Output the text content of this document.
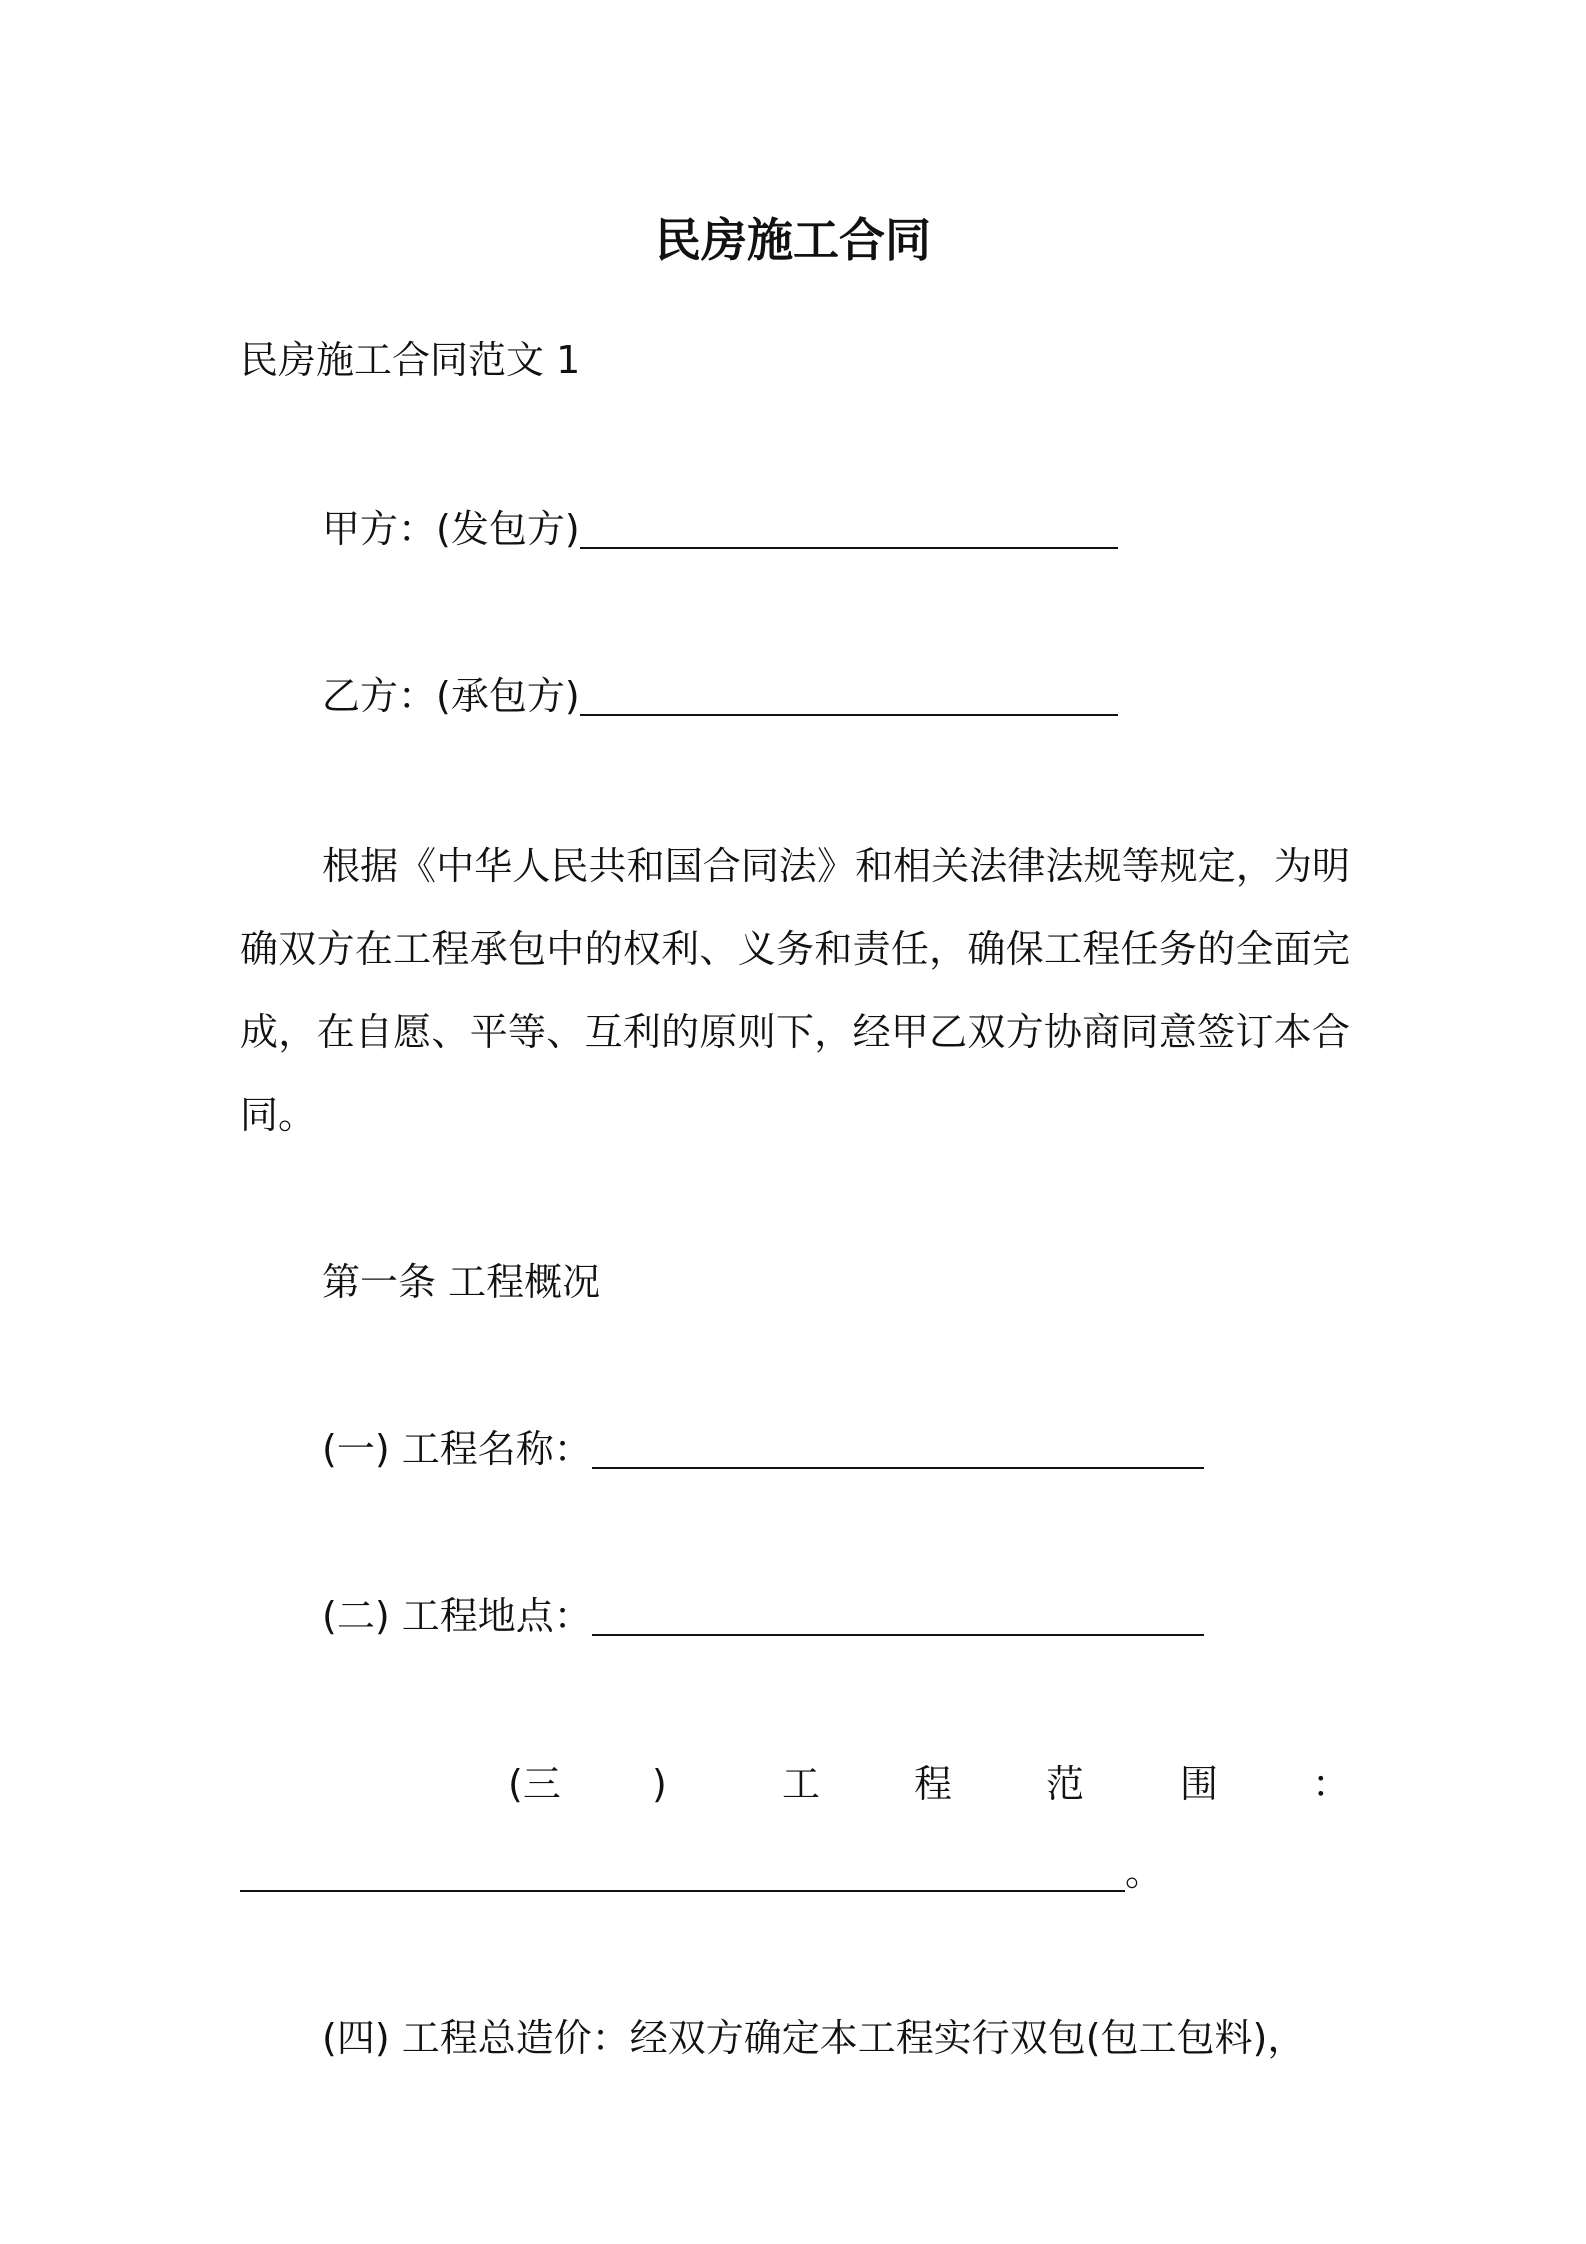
民房施工合同
民房施工合同范文 1
甲方：(发包方)
乙方：(承包方)
根据《中华人民共和国合同法》和相关法律法规等规定，为明确双方在工程承包中的权利、义务和责任，确保工程任务的全面完成，在自愿、平等、互利的原则下，经甲乙双方协商同意签订本合同。
第一条 工程概况
(一) 工程名称：
(二) 工程地点：
(三 )	工 程 范	围 ：
。
(四) 工程总造价：经双方确定本工程实行双包(包工包料)，
